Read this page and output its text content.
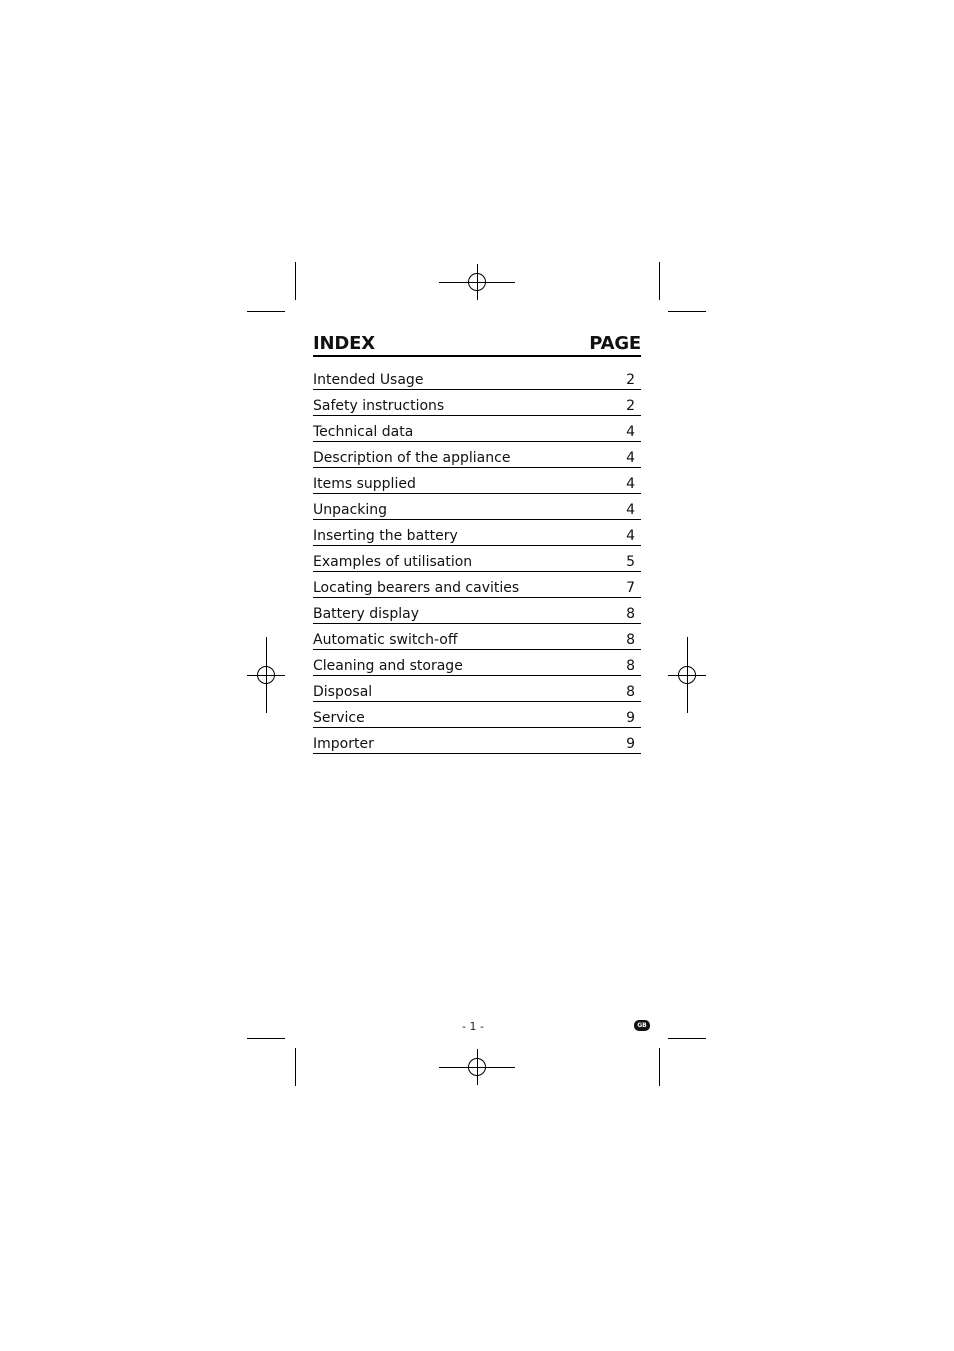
INDEX	PAGE
Intended Usage	2
Safety instructions	2
Technical data	4
Description of the appliance	4
Items supplied	4
Unpacking	4
Inserting the battery	4
Examples of utilisation	5
Locating bearers and cavities	7
Battery display	8
Automatic switch-off	8
Cleaning and storage	8
Disposal	8
Service	9
Importer	9
- 1 -	GB
